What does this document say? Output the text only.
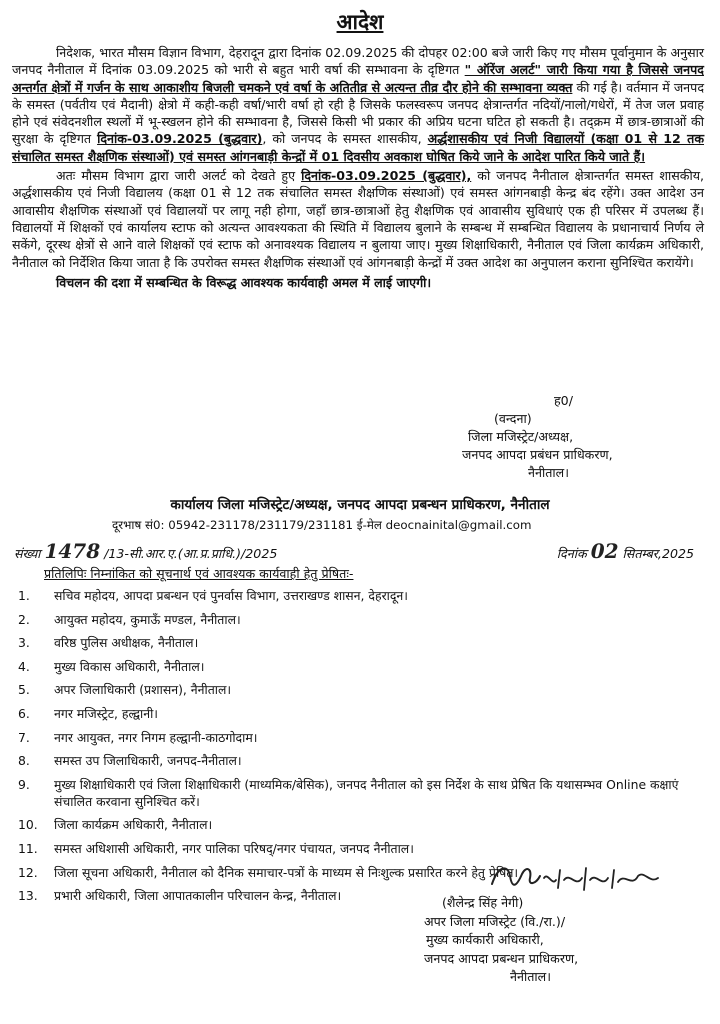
आदेश

निदेशक, भारत मौसम विज्ञान विभाग, देहरादून द्वारा दिनांक 02.09.2025 की दोपहर 02:00 बजे जारी किए गए मौसम पूर्वानुमान के अनुसार जनपद नैनीताल में दिनांक 03.09.2025 को भारी से बहुत भारी वर्षा की सम्भावना के दृष्टिगत " ऑरेंज अलर्ट" जारी किया गया है जिससे जनपद अन्तर्गत क्षेत्रों में गर्जन के साथ आकाशीय बिजली चमकने एवं वर्षा के अतितीव्र से अत्यन्त तीव्र दौर होने की सम्भावना व्यक्त की गई है। वर्तमान में जनपद के समस्त (पर्वतीय एवं मैदानी) क्षेत्रो में कही-कही वर्षा/भारी वर्षा हो रही है जिसके फलस्वरूप जनपद क्षेत्रान्तर्गत नदियों/नालो/गधेरों, में तेज जल प्रवाह होने एवं संवेदनशील स्थलों में भू-स्खलन होने की सम्भावना है, जिससे किसी भी प्रकार की अप्रिय घटना घटित हो सकती है। तद्क्रम में छात्र-छात्राओं की सुरक्षा के दृष्टिगत दिनांक-03.09.2025 (बुद्धवार), को जनपद के समस्त शासकीय, अर्द्धशासकीय एवं निजी विद्यालयों (कक्षा 01 से 12 तक संचालित समस्त शैक्षणिक संस्थाओं) एवं समस्त आंगनबाड़ी केन्द्रों में 01 दिवसीय अवकाश घोषित किये जाने के आदेश पारित किये जाते हैं।

अतः मौसम विभाग द्वारा जारी अलर्ट को देखते हुए दिनांक-03.09.2025 (बुद्धवार), को जनपद नैनीताल क्षेत्रान्तर्गत समस्त शासकीय, अर्द्धशासकीय एवं निजी विद्यालय (कक्षा 01 से 12 तक संचालित समस्त शैक्षणिक संस्थाओं) एवं समस्त आंगनबाड़ी केन्द्र बंद रहेंगे। उक्त आदेश उन आवासीय शैक्षणिक संस्थाओं एवं विद्यालयों पर लागू नही होगा, जहाँ छात्र-छात्राओं हेतु शैक्षणिक एवं आवासीय सुविधाएं एक ही परिसर में उपलब्ध हैं। विद्यालयों में शिक्षकों एवं कार्यालय स्टाफ को अत्यन्त आवश्यकता की स्थिति में विद्यालय बुलाने के सम्बन्ध में सम्बन्धित विद्यालय के प्रधानाचार्य निर्णय ले सकेंगे, दूरस्थ क्षेत्रों से आने वाले शिक्षकों एवं स्टाफ को अनावश्यक विद्यालय न बुलाया जाए। मुख्य शिक्षाधिकारी, नैनीताल एवं जिला कार्यक्रम अधिकारी, नैनीताल को निर्देशित किया जाता है कि उपरोक्त समस्त शैक्षणिक संस्थाओं एवं आंगनबाड़ी केन्द्रों में उक्त आदेश का अनुपालन कराना सुनिश्चित करायेंगे।

विचलन की दशा में सम्बन्धित के विरूद्ध आवश्यक कार्यवाही अमल में लाई जाएगी।

ह0/
(वन्दना)
जिला मजिस्ट्रेट/अध्यक्ष,
जनपद आपदा प्रबंधन प्राधिकरण,
नैनीताल।
कार्यालय जिला मजिस्ट्रेट/अध्यक्ष, जनपद आपदा प्रबन्धन प्राधिकरण, नैनीताल
दूरभाष सं0: 05942-231178/231179/231181 ई-मेल deocnainital@gmail.com
संख्या 1478 /13-सी.आर.ए.(आ.प्र.प्राधि.)/2025	दिनांक 02 सितम्बर,2025
प्रतिलिपिः निम्नांकित को सूचनार्थ एवं आवश्यक कार्यवाही हेतु प्रेषितः-
1.	सचिव महोदय, आपदा प्रबन्धन एवं पुनर्वास विभाग, उत्तराखण्ड शासन, देहरादून।
2.	आयुक्त महोदय, कुमाऊँ मण्डल, नैनीताल।
3.	वरिष्ठ पुलिस अधीक्षक, नैनीताल।
4.	मुख्य विकास अधिकारी, नैनीताल।
5.	अपर जिलाधिकारी (प्रशासन), नैनीताल।
6.	नगर मजिस्ट्रेट, हल्द्वानी।
7.	नगर आयुक्त, नगर निगम हल्द्वानी-काठगोदाम।
8.	समस्त उप जिलाधिकारी, जनपद-नैनीताल।
9.	मुख्य शिक्षाधिकारी एवं जिला शिक्षाधिकारी (माध्यमिक/बेसिक), जनपद नैनीताल को इस निर्देश के साथ प्रेषित कि यथासम्भव Online कक्षाएं संचालित करवाना सुनिश्चित करें।
10.	जिला कार्यक्रम अधिकारी, नैनीताल।
11.	समस्त अधिशासी अधिकारी, नगर पालिका परिषद्/नगर पंचायत, जनपद नैनीताल।
12.	जिला सूचना अधिकारी, नैनीताल को दैनिक समाचार-पत्रों के माध्यम से निःशुल्क प्रसारित करने हेतु प्रेषित।
13.	प्रभारी अधिकारी, जिला आपातकालीन परिचालन केन्द्र, नैनीताल।	(शैलेन्द्र सिंह नेगी)
अपर जिला मजिस्ट्रेट (वि./रा.)/
मुख्य कार्यकारी अधिकारी,
जनपद आपदा प्रबन्धन प्राधिकरण,
नैनीताल।
